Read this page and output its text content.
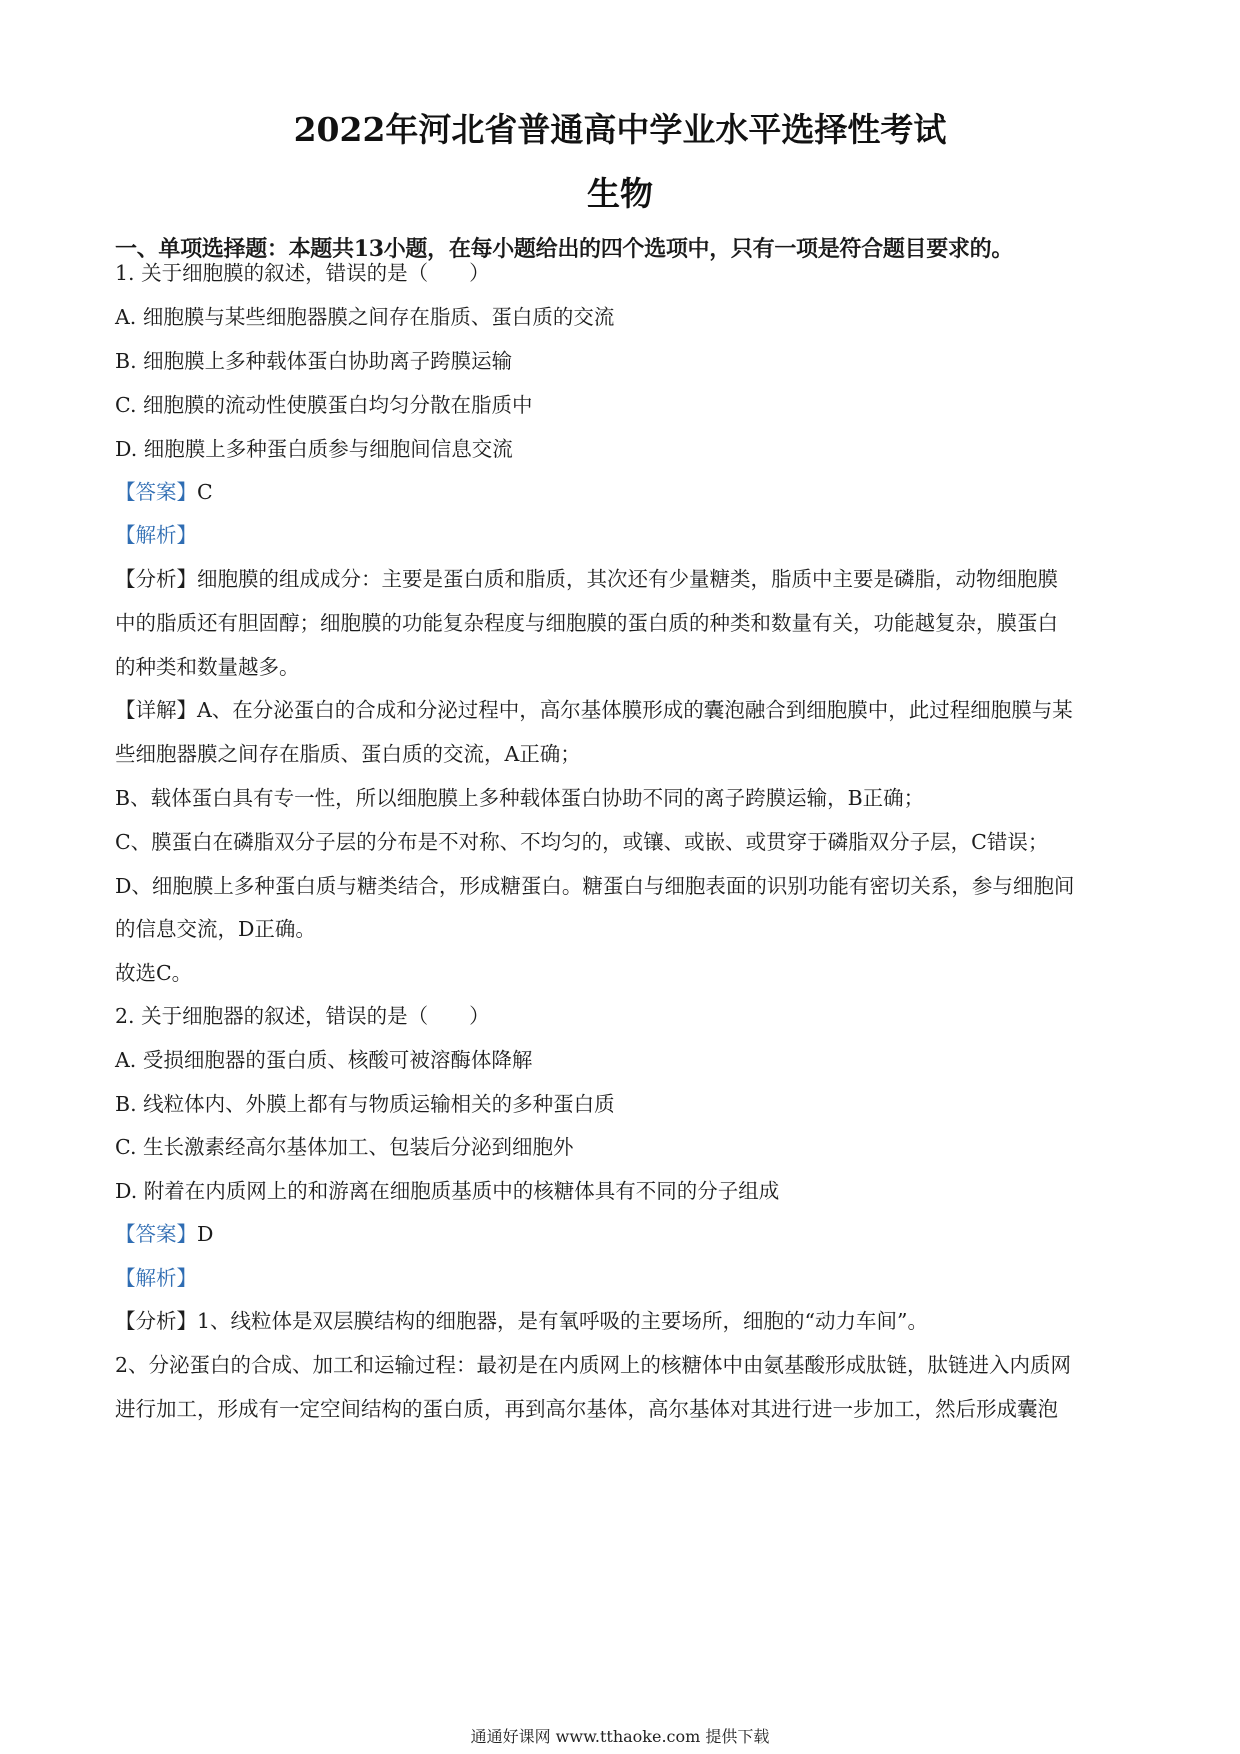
2022年河北省普通高中学业水平选择性考试
生物
一、单项选择题：本题共13小题，在每小题给出的四个选项中，只有一项是符合题目要求的。
1. 关于细胞膜的叙述，错误的是（　　）
A. 细胞膜与某些细胞器膜之间存在脂质、蛋白质的交流
B. 细胞膜上多种载体蛋白协助离子跨膜运输
C. 细胞膜的流动性使膜蛋白均匀分散在脂质中
D. 细胞膜上多种蛋白质参与细胞间信息交流
【答案】C
【解析】
【分析】细胞膜的组成成分：主要是蛋白质和脂质，其次还有少量糖类，脂质中主要是磷脂，动物细胞膜
中的脂质还有胆固醇；细胞膜的功能复杂程度与细胞膜的蛋白质的种类和数量有关，功能越复杂，膜蛋白
的种类和数量越多。
【详解】A、在分泌蛋白的合成和分泌过程中，高尔基体膜形成的囊泡融合到细胞膜中，此过程细胞膜与某
些细胞器膜之间存在脂质、蛋白质的交流，A正确；
B、载体蛋白具有专一性，所以细胞膜上多种载体蛋白协助不同的离子跨膜运输，B正确；
C、膜蛋白在磷脂双分子层的分布是不对称、不均匀的，或镶、或嵌、或贯穿于磷脂双分子层，C错误；
D、细胞膜上多种蛋白质与糖类结合，形成糖蛋白。糖蛋白与细胞表面的识别功能有密切关系，参与细胞间
的信息交流，D正确。
故选C。
2. 关于细胞器的叙述，错误的是（　　）
A. 受损细胞器的蛋白质、核酸可被溶酶体降解
B. 线粒体内、外膜上都有与物质运输相关的多种蛋白质
C. 生长激素经高尔基体加工、包装后分泌到细胞外
D. 附着在内质网上的和游离在细胞质基质中的核糖体具有不同的分子组成
【答案】D
【解析】
【分析】1、线粒体是双层膜结构的细胞器，是有氧呼吸的主要场所，细胞的“动力车间”。
2、分泌蛋白的合成、加工和运输过程：最初是在内质网上的核糖体中由氨基酸形成肽链，肽链进入内质网
进行加工，形成有一定空间结构的蛋白质，再到高尔基体，高尔基体对其进行进一步加工，然后形成囊泡
通通好课网 www.tthaoke.com 提供下载
